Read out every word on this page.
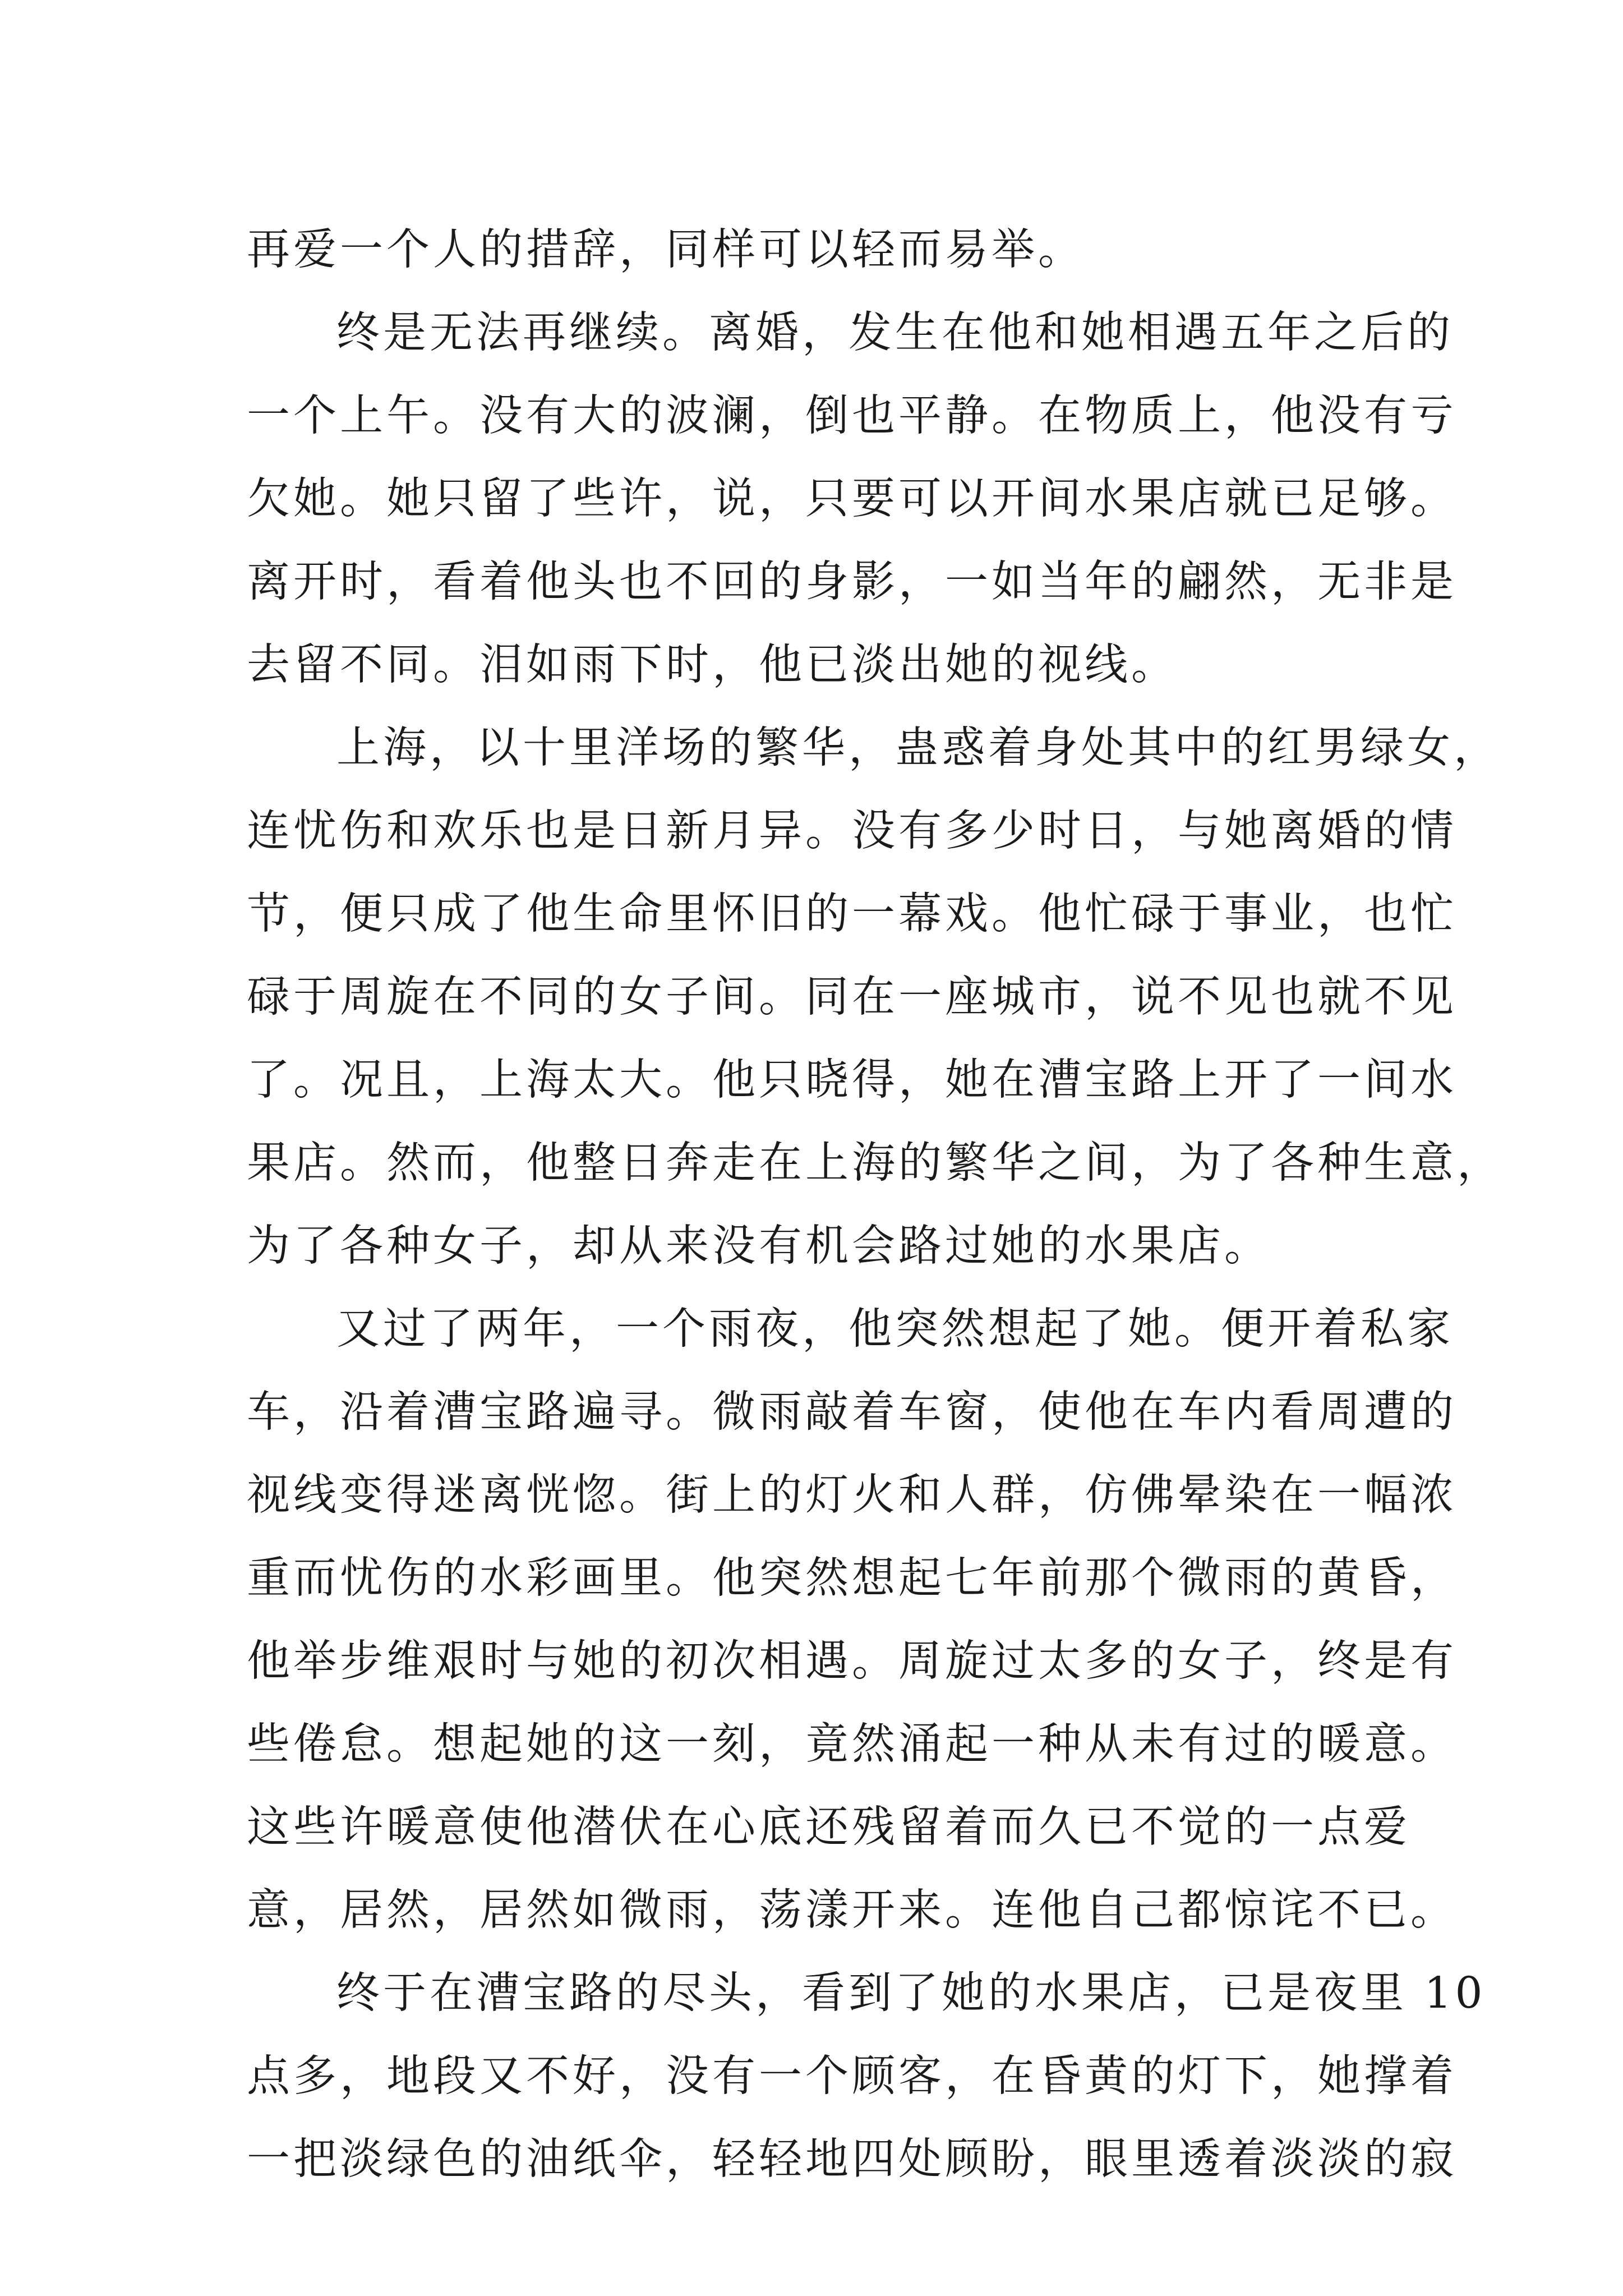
再爱一个人的措辞，同样可以轻而易举。
终是无法再继续。离婚，发生在他和她相遇五年之后的
一个上午。没有大的波澜，倒也平静。在物质上，他没有亏
欠她。她只留了些许，说，只要可以开间水果店就已足够。
离开时，看着他头也不回的身影，一如当年的翩然，无非是
去留不同。泪如雨下时，他已淡出她的视线。
上海，以十里洋场的繁华，蛊惑着身处其中的红男绿女，
连忧伤和欢乐也是日新月异。没有多少时日，与她离婚的情
节，便只成了他生命里怀旧的一幕戏。他忙碌于事业，也忙
碌于周旋在不同的女子间。同在一座城市，说不见也就不见
了。况且，上海太大。他只晓得，她在漕宝路上开了一间水
果店。然而，他整日奔走在上海的繁华之间，为了各种生意，
为了各种女子，却从来没有机会路过她的水果店。
又过了两年，一个雨夜，他突然想起了她。便开着私家
车，沿着漕宝路遍寻。微雨敲着车窗，使他在车内看周遭的
视线变得迷离恍惚。街上的灯火和人群，仿佛晕染在一幅浓
重而忧伤的水彩画里。他突然想起七年前那个微雨的黄昏，
他举步维艰时与她的初次相遇。周旋过太多的女子，终是有
些倦怠。想起她的这一刻，竟然涌起一种从未有过的暖意。
这些许暖意使他潜伏在心底还残留着而久已不觉的一点爱
意，居然，居然如微雨，荡漾开来。连他自己都惊诧不已。
终于在漕宝路的尽头，看到了她的水果店，已是夜里 10
点多，地段又不好，没有一个顾客，在昏黄的灯下，她撑着
一把淡绿色的油纸伞，轻轻地四处顾盼，眼里透着淡淡的寂
